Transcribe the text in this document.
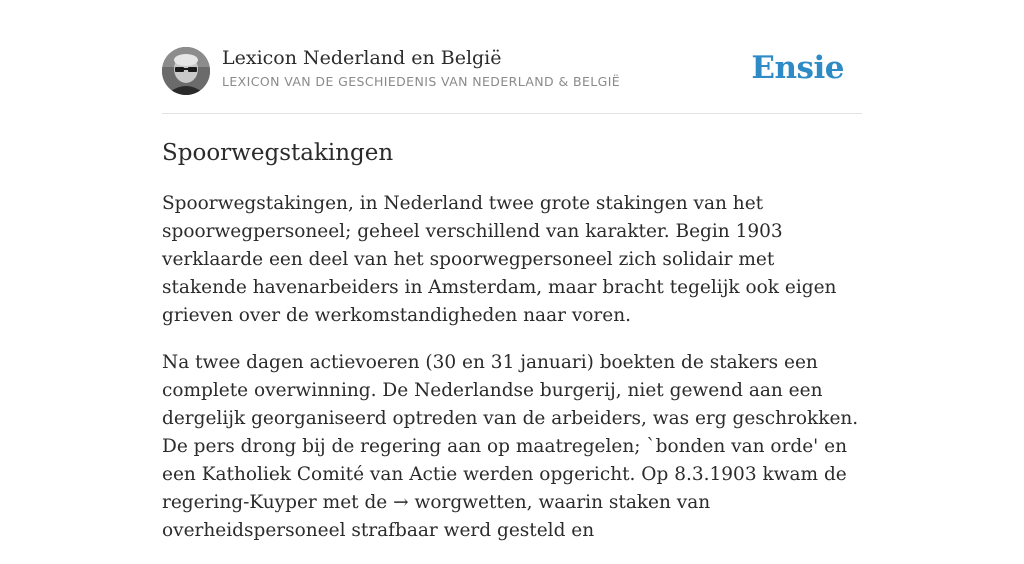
Lexicon Nederland en België
LEXICON VAN DE GESCHIEDENIS VAN NEDERLAND & BELGIË	Ensie
Spoorwegstakingen

Spoorwegstakingen, in Nederland twee grote stakingen van het spoorwegpersoneel; geheel verschillend van karakter. Begin 1903 verklaarde een deel van het spoorwegpersoneel zich solidair met stakende havenarbeiders in Amsterdam, maar bracht tegelijk ook eigen grieven over de werkomstandigheden naar voren.

Na twee dagen actievoeren (30 en 31 januari) boekten de stakers een complete overwinning. De Nederlandse burgerij, niet gewend aan een dergelijk georganiseerd optreden van de arbeiders, was erg geschrokken. De pers drong bij de regering aan op maatregelen; `bonden van orde' en een Katholiek Comité van Actie werden opgericht. Op 8.3.1903 kwam de regering-Kuyper met de → worgwetten, waarin staken van overheidspersoneel strafbaar werd gesteld en
